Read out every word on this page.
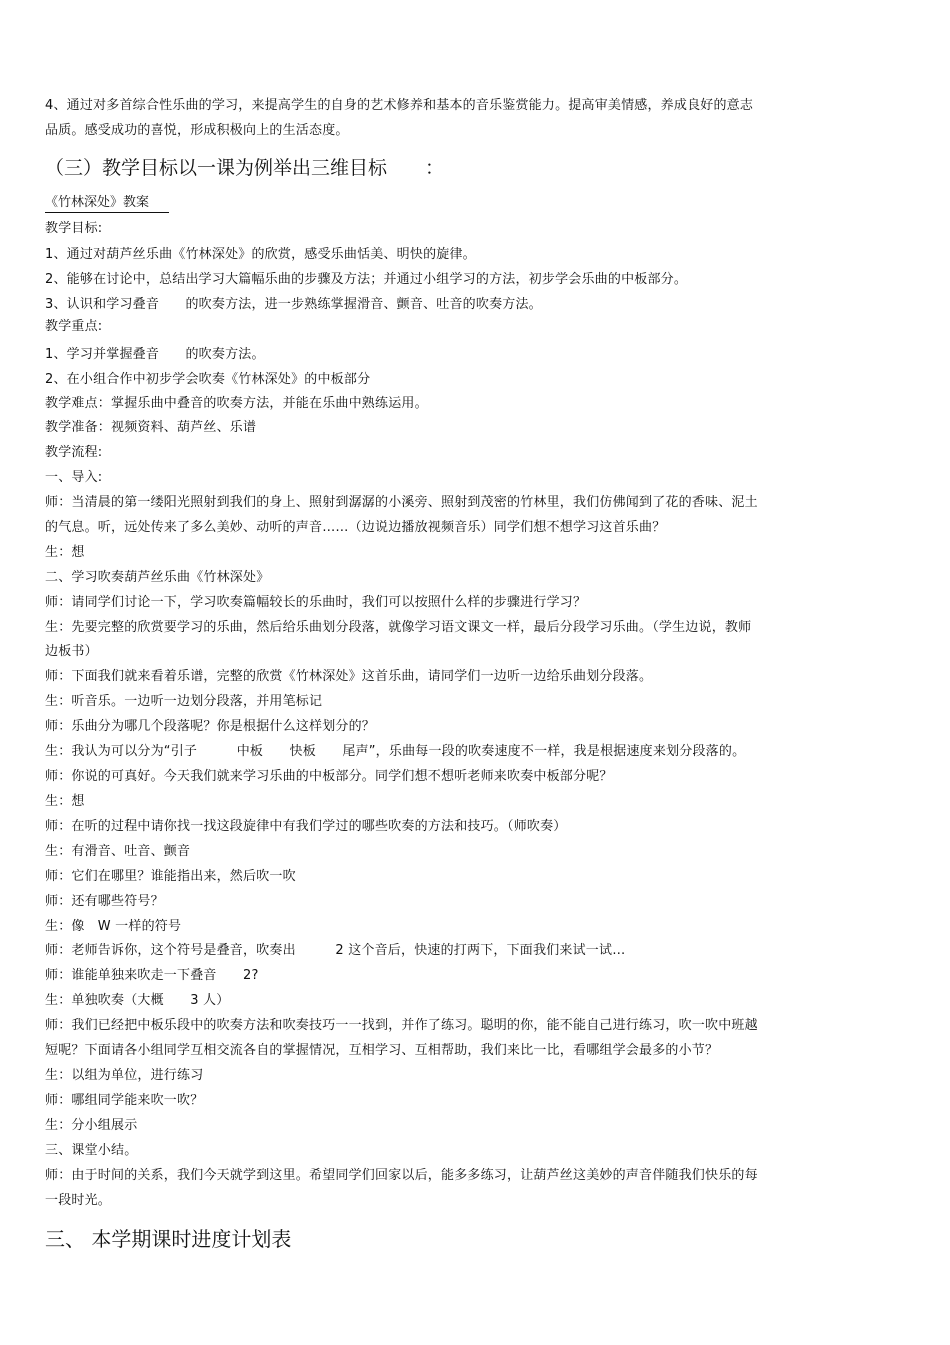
4、通过对多首综合性乐曲的学习，来提高学生的自身的艺术修养和基本的音乐鉴赏能力。提高审美情感，养成良好的意志
品质。感受成功的喜悦，形成积极向上的生活态度。
（三）教学目标以一课为例举出三维目标　　：
《竹林深处》教案
教学目标:
1、通过对葫芦丝乐曲《竹林深处》的欣赏，感受乐曲恬美、明快的旋律。
2、能够在讨论中，总结出学习大篇幅乐曲的步骤及方法；并通过小组学习的方法，初步学会乐曲的中板部分。
3、认识和学习叠音　　的吹奏方法，进一步熟练掌握滑音、颤音、吐音的吹奏方法。
教学重点:
1、学习并掌握叠音　　的吹奏方法。
2、在小组合作中初步学会吹奏《竹林深处》的中板部分
教学难点：掌握乐曲中叠音的吹奏方法，并能在乐曲中熟练运用。
教学准备：视频资料、葫芦丝、乐谱
教学流程:
一、导入:
师：当清晨的第一缕阳光照射到我们的身上、照射到潺潺的小溪旁、照射到茂密的竹林里，我们仿佛闻到了花的香味、泥土
的气息。听，远处传来了多么美妙、动听的声音……（边说边播放视频音乐）同学们想不想学习这首乐曲？
生：想
二、学习吹奏葫芦丝乐曲《竹林深处》
师：请同学们讨论一下，学习吹奏篇幅较长的乐曲时，我们可以按照什么样的步骤进行学习？
生：先要完整的欣赏要学习的乐曲，然后给乐曲划分段落，就像学习语文课文一样，最后分段学习乐曲。（学生边说，教师
边板书）
师：下面我们就来看着乐谱，完整的欣赏《竹林深处》这首乐曲，请同学们一边听一边给乐曲划分段落。
生：听音乐。一边听一边划分段落，并用笔标记
师：乐曲分为哪几个段落呢？你是根据什么这样划分的？
生：我认为可以分为“引子　　　中板　　快板　　尾声”，乐曲每一段的吹奏速度不一样，我是根据速度来划分段落的。
师：你说的可真好。今天我们就来学习乐曲的中板部分。同学们想不想听老师来吹奏中板部分呢？
生：想
师：在听的过程中请你找一找这段旋律中有我们学过的哪些吹奏的方法和技巧。（师吹奏）
生：有滑音、吐音、颤音
师：它们在哪里？谁能指出来，然后吹一吹
师：还有哪些符号？
生：像　W 一样的符号
师：老师告诉你，这个符号是叠音，吹奏出　　　2 这个音后，快速的打两下，下面我们来试一试…
师：谁能单独来吹走一下叠音　　2?
生：单独吹奏（大概　　3 人）
师：我们已经把中板乐段中的吹奏方法和吹奏技巧一一找到，并作了练习。聪明的你，能不能自己进行练习，吹一吹中班越
短呢？下面请各小组同学互相交流各自的掌握情况，互相学习、互相帮助，我们来比一比，看哪组学会最多的小节？
生：以组为单位，进行练习
师：哪组同学能来吹一吹？
生：分小组展示
三、课堂小结。
师：由于时间的关系，我们今天就学到这里。希望同学们回家以后，能多多练习，让葫芦丝这美妙的声音伴随我们快乐的每
一段时光。
三、 本学期课时进度计划表
